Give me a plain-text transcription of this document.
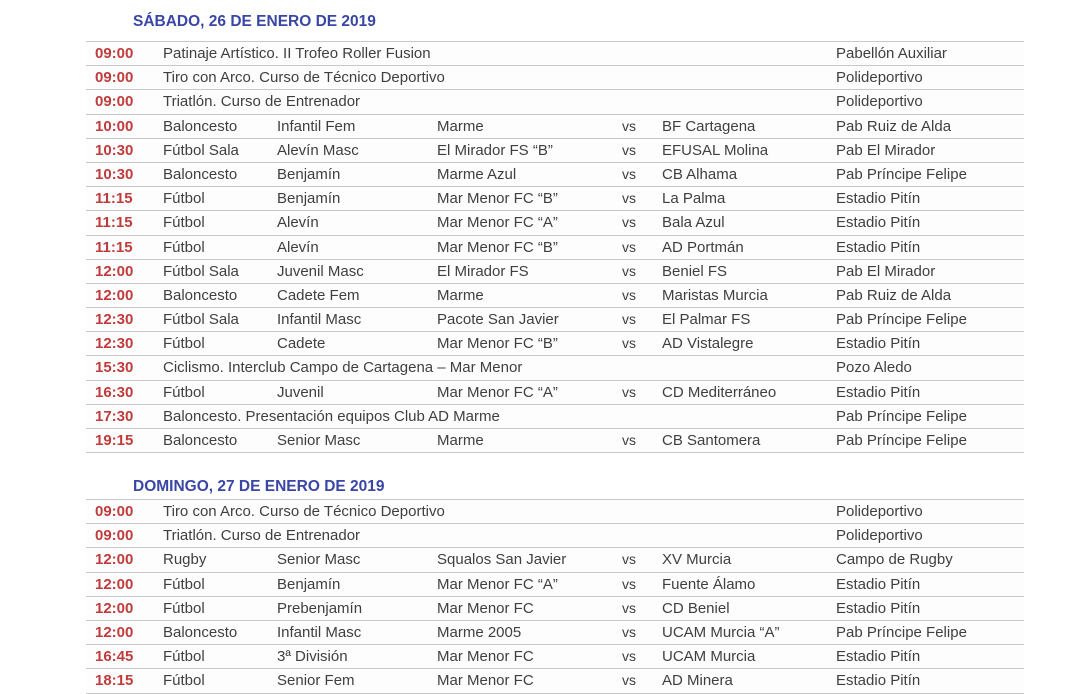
SÁBADO, 26 DE ENERO DE 2019
09:00	Patinaje Artístico. II Trofeo Roller Fusion	Pabellón Auxiliar
09:00	Tiro con Arco. Curso de Técnico Deportivo	Polideportivo
09:00	Triatlón. Curso de Entrenador	Polideportivo
10:00	Baloncesto	Infantil Fem	Marme	vs BF Cartagena	Pab Ruiz de Alda
10:30	Fútbol Sala	Alevín Masc	El Mirador FS “B”	vs EFUSAL Molina	Pab El Mirador
10:30	Baloncesto	Benjamín	Marme Azul	vs CB Alhama	Pab Príncipe Felipe
11:15	Fútbol	Benjamín	Mar Menor FC “B”	vs La Palma	Estadio Pitín
11:15	Fútbol	Alevín	Mar Menor FC “A”	vs Bala Azul	Estadio Pitín
11:15	Fútbol	Alevín	Mar Menor FC “B”	vs AD Portmán	Estadio Pitín
12:00	Fútbol Sala	Juvenil Masc	El Mirador FS	vs Beniel FS	Pab El Mirador
12:00	Baloncesto	Cadete Fem	Marme	vs Maristas Murcia	Pab Ruiz de Alda
12:30	Fútbol Sala	Infantil Masc	Pacote San Javier	vs El Palmar FS	Pab Príncipe Felipe
12:30	Fútbol	Cadete	Mar Menor FC “B”	vs AD Vistalegre	Estadio Pitín
15:30	Ciclismo. Interclub Campo de Cartagena – Mar Menor	Pozo Aledo
16:30	Fútbol	Juvenil	Mar Menor FC “A”	vs CD Mediterráneo	Estadio Pitín
17:30	Baloncesto. Presentación equipos Club AD Marme	Pab Príncipe Felipe
19:15	Baloncesto	Senior Masc	Marme	vs CB Santomera	Pab Príncipe Felipe
DOMINGO, 27 DE ENERO DE 2019
09:00	Tiro con Arco. Curso de Técnico Deportivo	Polideportivo
09:00	Triatlón. Curso de Entrenador	Polideportivo
12:00	Rugby	Senior Masc	Squalos San Javier	vs XV Murcia	Campo de Rugby
12:00	Fútbol	Benjamín	Mar Menor FC “A”	vs Fuente Álamo	Estadio Pitín
12:00	Fútbol	Prebenjamín	Mar Menor FC	vs CD Beniel	Estadio Pitín
12:00	Baloncesto	Infantil Masc	Marme 2005	vs UCAM Murcia “A”	Pab Príncipe Felipe
16:45	Fútbol	3ª División	Mar Menor FC	vs UCAM Murcia	Estadio Pitín
18:15	Fútbol	Senior Fem	Mar Menor FC	vs AD Minera	Estadio Pitín
